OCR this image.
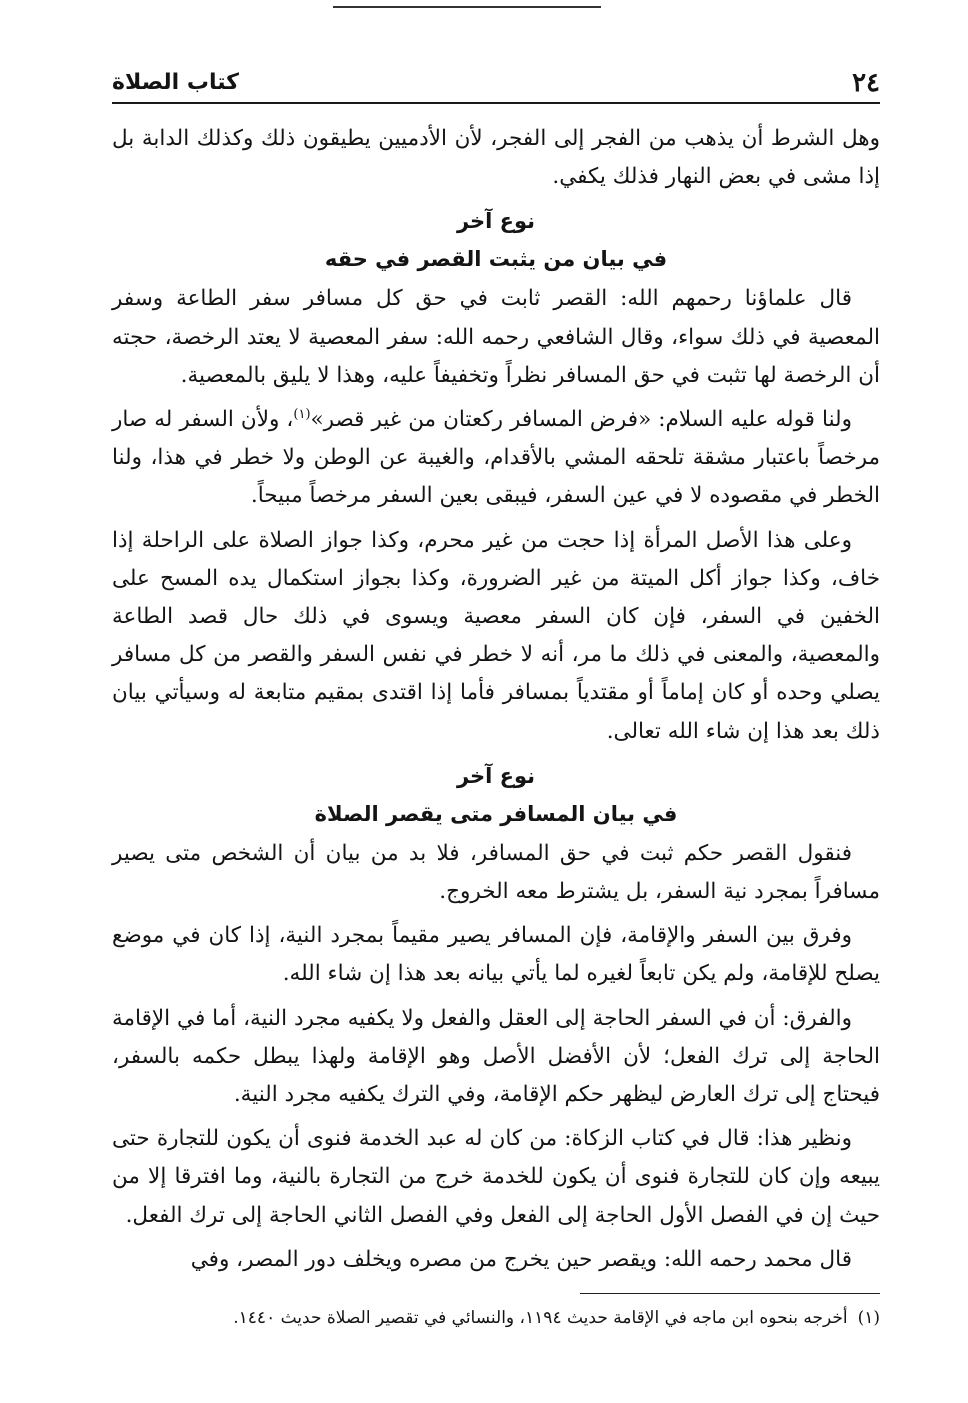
٢٤
كتاب الصلاة

وهل الشرط أن يذهب من الفجر إلى الفجر، لأن الأدميين يطيقون ذلك وكذلك الدابة بل إذا مشى في بعض النهار فذلك يكفي.

نوع آخر
في بيان من يثبت القصر في حقه

قال علماؤنا رحمهم الله: القصر ثابت في حق كل مسافر سفر الطاعة وسفر المعصية في ذلك سواء، وقال الشافعي رحمه الله: سفر المعصية لا يعتد الرخصة، حجته أن الرخصة لها تثبت في حق المسافر نظراً وتخفيفاً عليه، وهذا لا يليق بالمعصية.

ولنا قوله عليه السلام: «فرض المسافر ركعتان من غير قصر»$^{(١)}$، ولأن السفر له صار مرخصاً باعتبار مشقة تلحقه المشي بالأقدام، والغيبة عن الوطن ولا خطر في هذا، ولنا الخطر في مقصوده لا في عين السفر، فيبقى بعين السفر مرخصاً مبيحاً.

وعلى هذا الأصل المرأة إذا حجت من غير محرم، وكذا جواز الصلاة على الراحلة إذا خاف، وكذا جواز أكل الميتة من غير الضرورة، وكذا بجواز استكمال يده المسح على الخفين في السفر، فإن كان السفر معصية ويسوى في ذلك حال قصد الطاعة والمعصية، والمعنى في ذلك ما مر، أنه لا خطر في نفس السفر والقصر من كل مسافر يصلي وحده أو كان إماماً أو مقتدياً بمسافر فأما إذا اقتدى بمقيم متابعة له وسيأتي بيان ذلك بعد هذا إن شاء الله تعالى.

نوع آخر
في بيان المسافر متى يقصر الصلاة

فنقول القصر حكم ثبت في حق المسافر، فلا بد من بيان أن الشخص متى يصير مسافراً بمجرد نية السفر، بل يشترط معه الخروج.

وفرق بين السفر والإقامة، فإن المسافر يصير مقيماً بمجرد النية، إذا كان في موضع يصلح للإقامة، ولم يكن تابعاً لغيره لما يأتي بيانه بعد هذا إن شاء الله.

والفرق: أن في السفر الحاجة إلى العقل والفعل ولا يكفيه مجرد النية، أما في الإقامة الحاجة إلى ترك الفعل؛ لأن الأفضل الأصل وهو الإقامة ولهذا يبطل حكمه بالسفر، فيحتاج إلى ترك العارض ليظهر حكم الإقامة، وفي الترك يكفيه مجرد النية.

ونظير هذا: قال في كتاب الزكاة: من كان له عبد الخدمة فنوى أن يكون للتجارة حتى يبيعه وإن كان للتجارة فنوى أن يكون للخدمة خرج من التجارة بالنية، وما افترقا إلا من حيث إن في الفصل الأول الحاجة إلى الفعل وفي الفصل الثاني الحاجة إلى ترك الفعل.

قال محمد رحمه الله: ويقصر حين يخرج من مصره ويخلف دور المصر، وفي

(١)أخرجه بنحوه ابن ماجه في الإقامة حديث ١١٩٤، والنسائي في تقصير الصلاة حديث ١٤٤٠.
